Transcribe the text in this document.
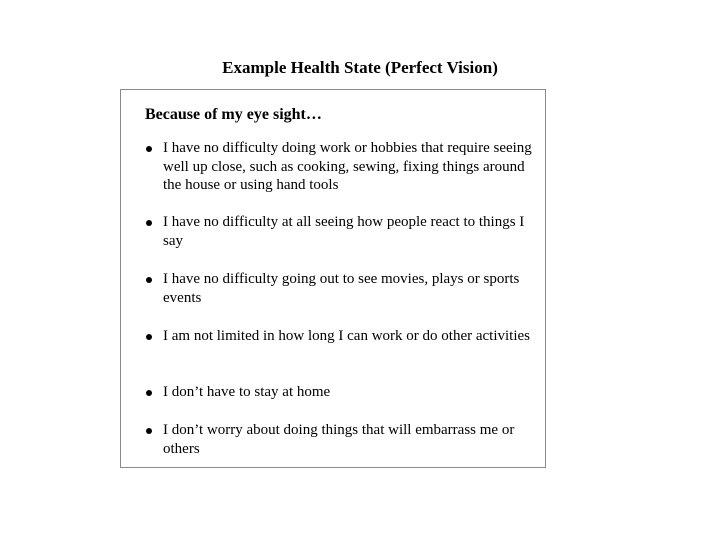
Example Health State (Perfect Vision)
Because of my eye sight…
I have no difficulty doing work or hobbies that require seeing well up close, such as cooking, sewing, fixing things around the house or using hand tools
I have no difficulty at all seeing how people react to things I say
I have no difficulty going out to see movies, plays or sports events
I am not limited in how long I can work or do other activities
I don’t have to stay at home
I don’t worry about doing things that will embarrass me or others
